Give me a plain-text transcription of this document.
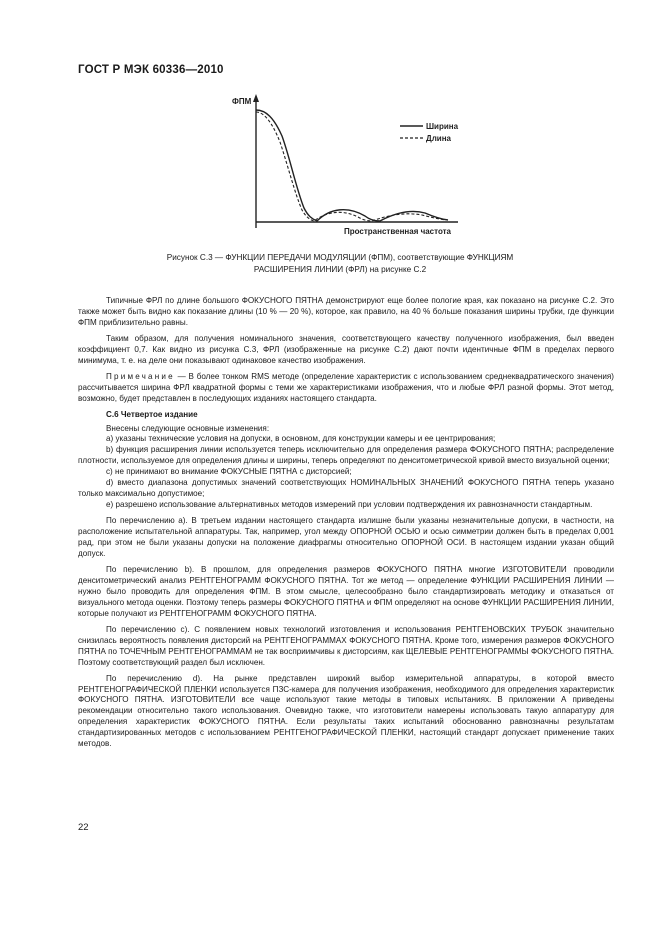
ГОСТ Р МЭК 60336—2010
ФПМ
Пространственная частота
Ширина
Длина
Рисунок С.3 — ФУНКЦИИ ПЕРЕДАЧИ МОДУЛЯЦИИ (ФПМ), соответствующие ФУНКЦИЯМ
РАСШИРЕНИЯ ЛИНИИ (ФРЛ) на рисунке С.2

Типичные ФРЛ по длине большого ФОКУСНОГО ПЯТНА демонстрируют еще более пологие края, как показано на рисунке С.2. Это также может быть видно как показание длины (10 % — 20 %), которое, как правило, на 40 % больше показания ширины трубки, где функции ФПМ приблизительно равны.

Таким образом, для получения номинального значения, соответствующего качеству полученного изображения, был введен коэффициент 0,7. Как видно из рисунка С.3, ФРЛ (изображенные на рисунке С.2) дают почти идентичные ФПМ в пределах первого минимума, т. е. на деле они показывают одинаковое качество изображения.

Примечание — В более тонком RMS методе (определение характеристик с использованием среднеквадратического значения) рассчитывается ширина ФРЛ квадратной формы с теми же характеристиками изображения, что и любые ФРЛ разной формы. Этот метод, возможно, будет представлен в последующих изданиях настоящего стандарта.

С.6 Четвертое издание

Внесены следующие основные изменения:

a) указаны технические условия на допуски, в основном, для конструкции камеры и ее центрирования;

b) функция расширения линии используется теперь исключительно для определения размера ФОКУСНОГО ПЯТНА; распределение плотности, используемое для определения длины и ширины, теперь определяют по денситометрической кривой вместо визуальной оценки;

c) не принимают во внимание ФОКУСНЫЕ ПЯТНА с дисторсией;

d) вместо диапазона допустимых значений соответствующих НОМИНАЛЬНЫХ ЗНАЧЕНИЙ ФОКУСНОГО ПЯТНА теперь указано только максимально допустимое;

e) разрешено использование альтернативных методов измерений при условии подтверждения их равнозначности стандартным.

По перечислению а). В третьем издании настоящего стандарта излишне были указаны незначительные допуски, в частности, на расположение испытательной аппаратуры. Так, например, угол между ОПОРНОЙ ОСЬЮ и осью симметрии должен быть в пределах 0,001 рад, при этом не были указаны допуски на положение диафрагмы относительно ОПОРНОЙ ОСИ. В настоящем издании указан общий допуск.

По перечислению b). В прошлом, для определения размеров ФОКУСНОГО ПЯТНА многие ИЗГОТОВИТЕЛИ проводили денситометрический анализ РЕНТГЕНОГРАММ ФОКУСНОГО ПЯТНА. Тот же метод — определение ФУНКЦИИ РАСШИРЕНИЯ ЛИНИИ — нужно было проводить для определения ФПМ. В этом смысле, целесообразно было стандартизировать методику и отказаться от визуального метода оценки. Поэтому теперь размеры ФОКУСНОГО ПЯТНА и ФПМ определяют на основе ФУНКЦИИ РАСШИРЕНИЯ ЛИНИИ, которые получают из РЕНТГЕНОГРАММ ФОКУСНОГО ПЯТНА.

По перечислению с). С появлением новых технологий изготовления и использования РЕНТГЕНОВСКИХ ТРУБОК значительно снизилась вероятность появления дисторсий на РЕНТГЕНОГРАММАХ ФОКУСНОГО ПЯТНА. Кроме того, измерения размеров ФОКУСНОГО ПЯТНА по ТОЧЕЧНЫМ РЕНТГЕНОГРАММАМ не так восприимчивы к дисторсиям, как ЩЕЛЕВЫЕ РЕНТГЕНОГРАММЫ ФОКУСНОГО ПЯТНА. Поэтому соответствующий раздел был исключен.

По перечислению d). На рынке представлен широкий выбор измерительной аппаратуры, в которой вместо РЕНТГЕНОГРАФИЧЕСКОЙ ПЛЕНКИ используется ПЗС-камера для получения изображения, необходимого для определения характеристик ФОКУСНОГО ПЯТНА. ИЗГОТОВИТЕЛИ все чаще используют такие методы в типовых испытаниях. В приложении А приведены рекомендации относительно такого использования. Очевидно также, что изготовители намерены использовать такую аппаратуру для определения характеристик ФОКУСНОГО ПЯТНА. Если результаты таких испытаний обоснованно равнозначны результатам стандартизированных методов с использованием РЕНТГЕНОГРАФИЧЕСКОЙ ПЛЕНКИ, настоящий стандарт допускает применение таких методов.

22
